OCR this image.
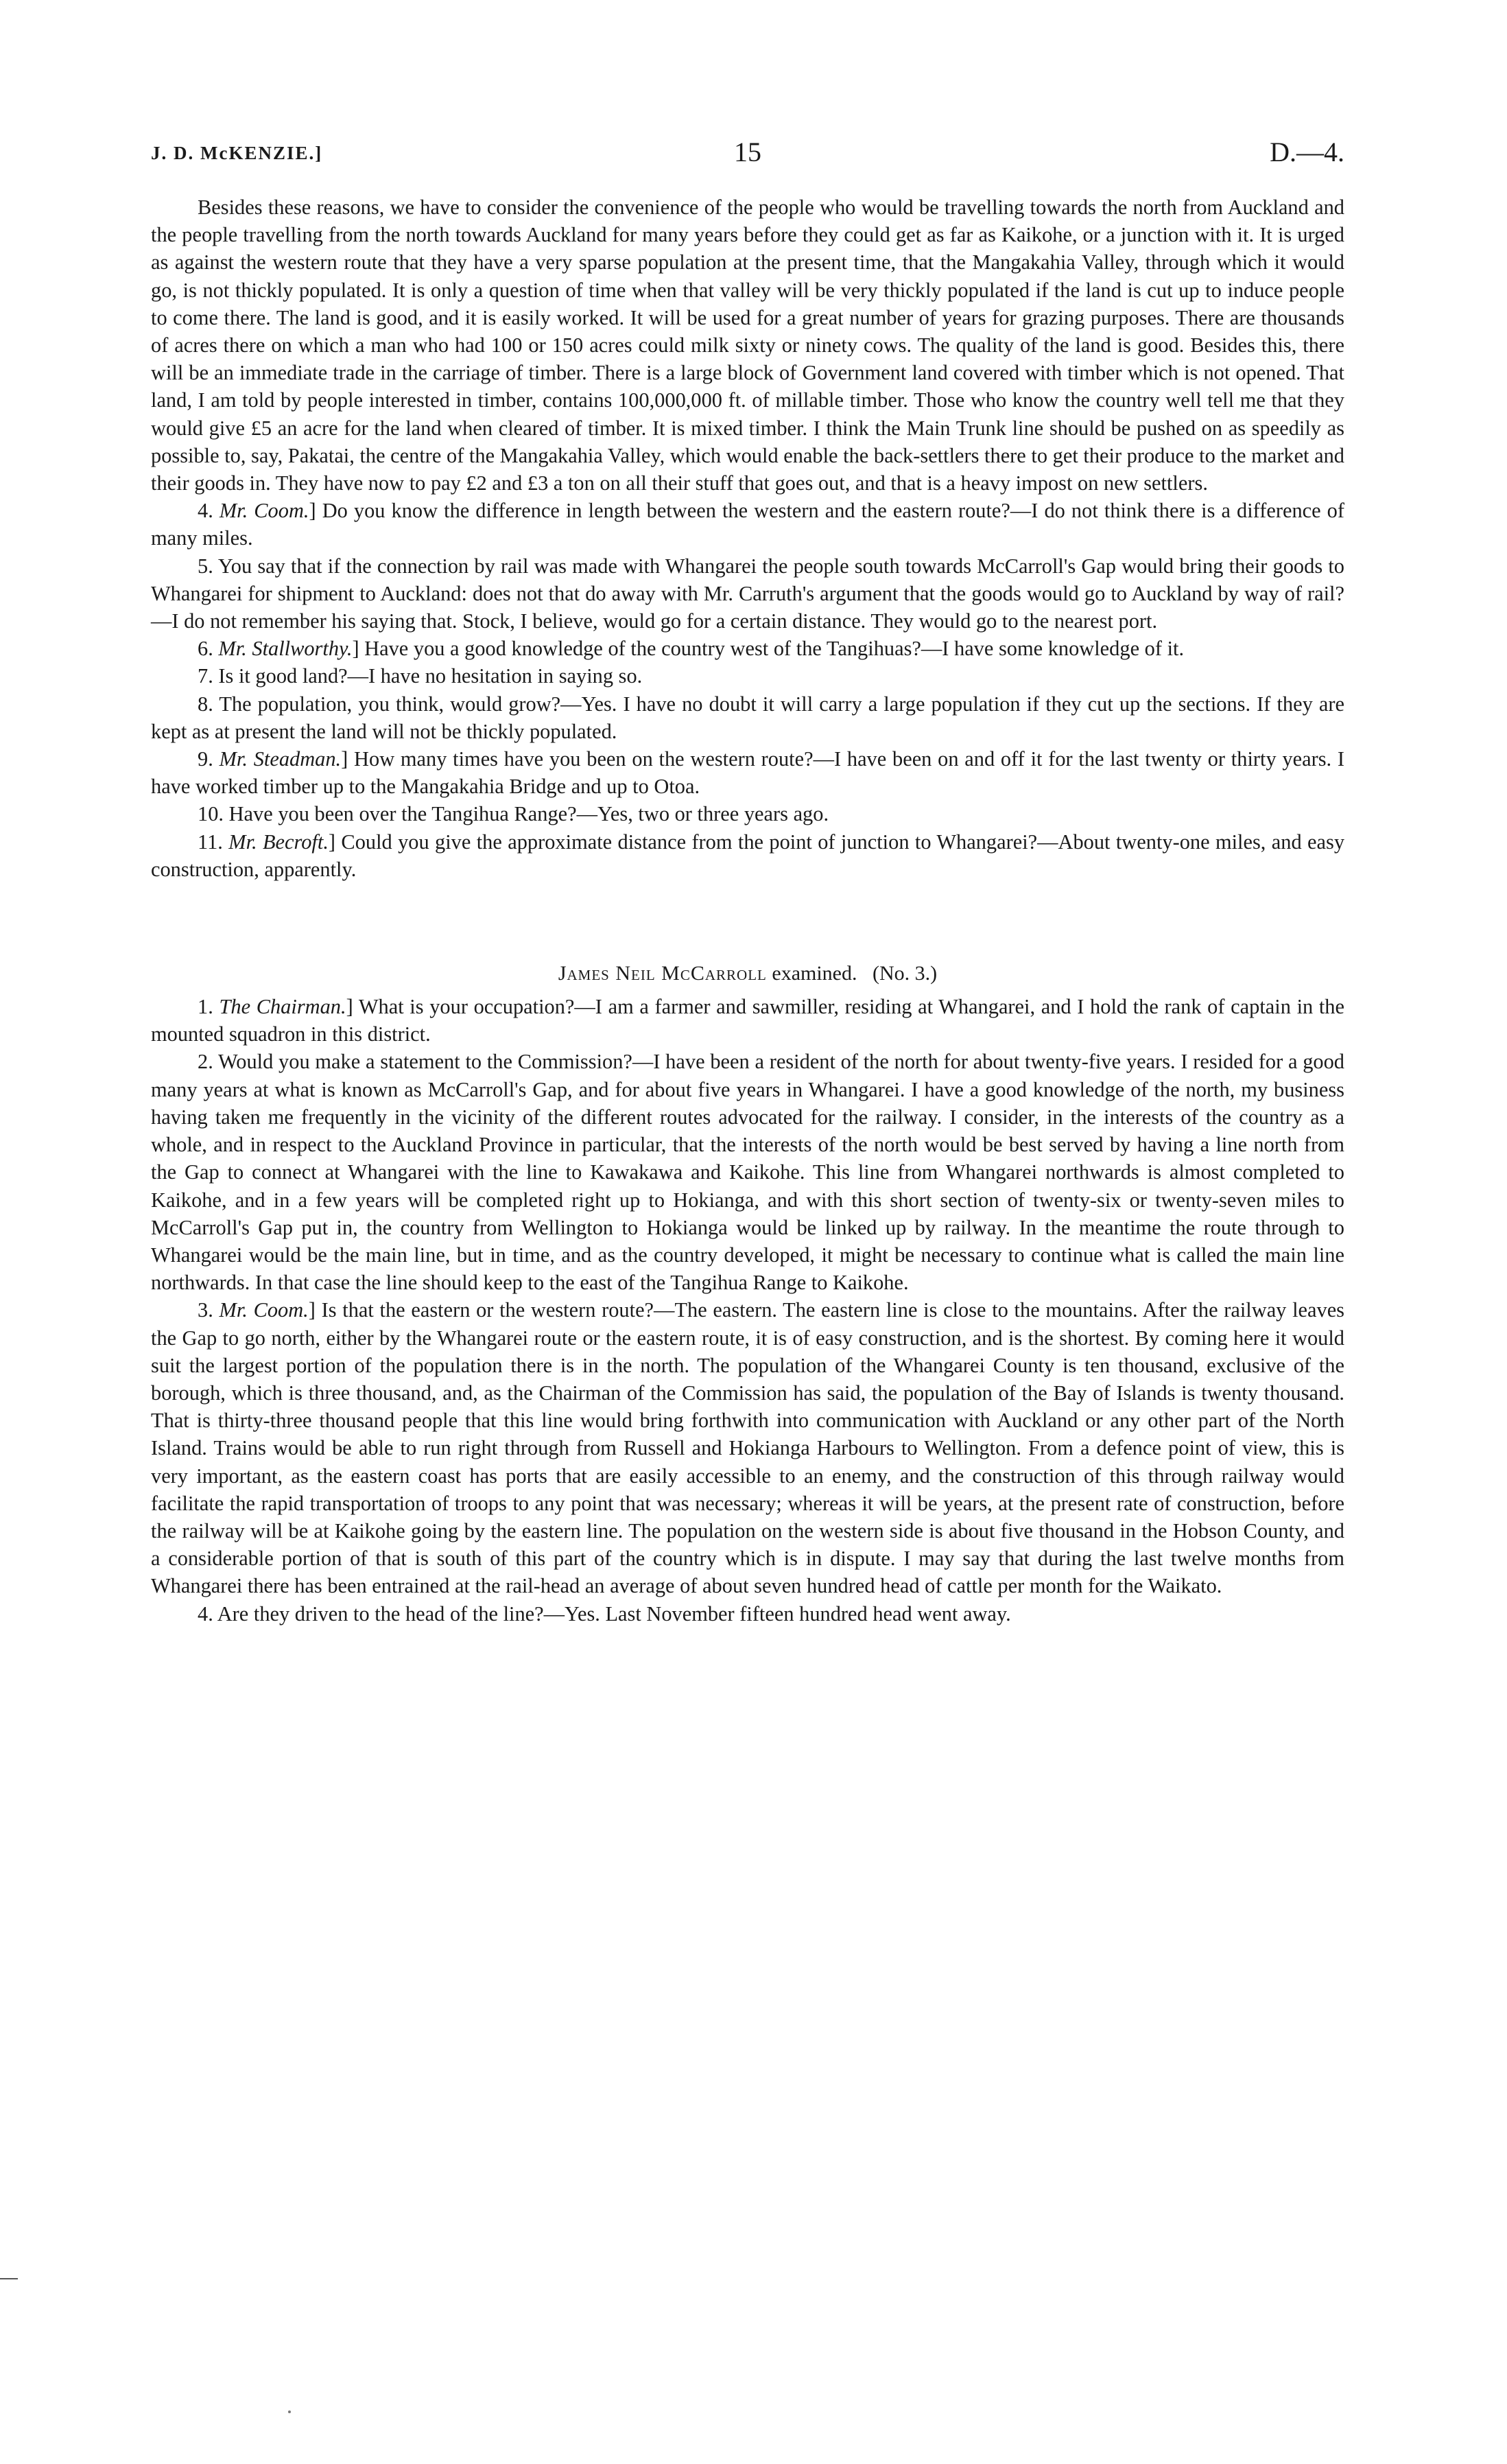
J. D. McKENZIE.]	15	D.—4.

Besides these reasons, we have to consider the convenience of the people who would be travelling towards the north from Auckland and the people travelling from the north towards Auckland for many years before they could get as far as Kaikohe, or a junction with it. It is urged as against the western route that they have a very sparse population at the present time, that the Mangakahia Valley, through which it would go, is not thickly populated. It is only a question of time when that valley will be very thickly populated if the land is cut up to induce people to come there. The land is good, and it is easily worked. It will be used for a great number of years for grazing purposes. There are thousands of acres there on which a man who had 100 or 150 acres could milk sixty or ninety cows. The quality of the land is good. Besides this, there will be an immediate trade in the carriage of timber. There is a large block of Government land covered with timber which is not opened. That land, I am told by people interested in timber, contains 100,000,000 ft. of millable timber. Those who know the country well tell me that they would give £5 an acre for the land when cleared of timber. It is mixed timber. I think the Main Trunk line should be pushed on as speedily as possible to, say, Pakatai, the centre of the Mangakahia Valley, which would enable the back-settlers there to get their produce to the market and their goods in. They have now to pay £2 and £3 a ton on all their stuff that goes out, and that is a heavy impost on new settlers.

4. Mr. Coom.] Do you know the difference in length between the western and the eastern route?—I do not think there is a difference of many miles.

5. You say that if the connection by rail was made with Whangarei the people south towards McCarroll's Gap would bring their goods to Whangarei for shipment to Auckland: does not that do away with Mr. Carruth's argument that the goods would go to Auckland by way of rail?—I do not remember his saying that. Stock, I believe, would go for a certain distance. They would go to the nearest port.

6. Mr. Stallworthy.] Have you a good knowledge of the country west of the Tangihuas?—I have some knowledge of it.

7. Is it good land?—I have no hesitation in saying so.

8. The population, you think, would grow?—Yes. I have no doubt it will carry a large population if they cut up the sections. If they are kept as at present the land will not be thickly populated.

9. Mr. Steadman.] How many times have you been on the western route?—I have been on and off it for the last twenty or thirty years. I have worked timber up to the Mangakahia Bridge and up to Otoa.

10. Have you been over the Tangihua Range?—Yes, two or three years ago.

11. Mr. Becroft.] Could you give the approximate distance from the point of junction to Whangarei?—About twenty-one miles, and easy construction, apparently.

James Neil McCarroll examined. (No. 3.)

1. The Chairman.] What is your occupation?—I am a farmer and sawmiller, residing at Whangarei, and I hold the rank of captain in the mounted squadron in this district.

2. Would you make a statement to the Commission?—I have been a resident of the north for about twenty-five years. I resided for a good many years at what is known as McCarroll's Gap, and for about five years in Whangarei. I have a good knowledge of the north, my business having taken me frequently in the vicinity of the different routes advocated for the railway. I consider, in the interests of the country as a whole, and in respect to the Auckland Province in particular, that the interests of the north would be best served by having a line north from the Gap to connect at Whangarei with the line to Kawakawa and Kaikohe. This line from Whangarei northwards is almost completed to Kaikohe, and in a few years will be completed right up to Hokianga, and with this short section of twenty-six or twenty-seven miles to McCarroll's Gap put in, the country from Wellington to Hokianga would be linked up by railway. In the meantime the route through to Whangarei would be the main line, but in time, and as the country developed, it might be necessary to continue what is called the main line northwards. In that case the line should keep to the east of the Tangihua Range to Kaikohe.

3. Mr. Coom.] Is that the eastern or the western route?—The eastern. The eastern line is close to the mountains. After the railway leaves the Gap to go north, either by the Whangarei route or the eastern route, it is of easy construction, and is the shortest. By coming here it would suit the largest portion of the population there is in the north. The population of the Whangarei County is ten thousand, exclusive of the borough, which is three thousand, and, as the Chairman of the Commission has said, the population of the Bay of Islands is twenty thousand. That is thirty-three thousand people that this line would bring forthwith into communication with Auckland or any other part of the North Island. Trains would be able to run right through from Russell and Hokianga Harbours to Wellington. From a defence point of view, this is very important, as the eastern coast has ports that are easily accessible to an enemy, and the construction of this through railway would facilitate the rapid transportation of troops to any point that was necessary; whereas it will be years, at the present rate of construction, before the railway will be at Kaikohe going by the eastern line. The population on the western side is about five thousand in the Hobson County, and a considerable portion of that is south of this part of the country which is in dispute. I may say that during the last twelve months from Whangarei there has been entrained at the rail-head an average of about seven hundred head of cattle per month for the Waikato.

4. Are they driven to the head of the line?—Yes. Last November fifteen hundred head went away.
